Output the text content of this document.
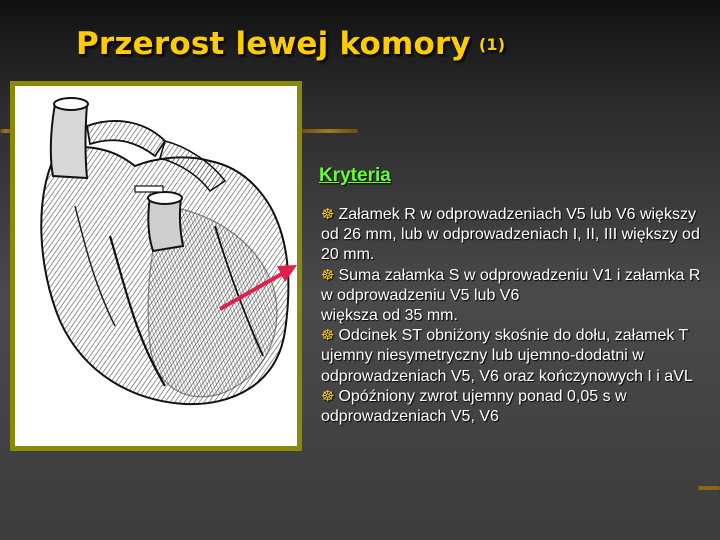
Przerost lewej komory $^{(1)}$
Kryteria
☸ Załamek R w odprowadzeniach V5 lub V6 większy od 26 mm, lub w odprowadzeniach I, II, III większy od 20 mm.
☸ Suma załamka S w odprowadzeniu V1 i załamka R w odprowadzeniu V5 lub V6
większa od 35 mm.
☸ Odcinek ST obniżony skośnie do dołu, załamek T ujemny niesymetryczny lub ujemno-dodatni w odprowadzeniach V5, V6 oraz kończynowych I i aVL
☸ Opóźniony zwrot ujemny ponad 0,05 s w odprowadzeniach V5, V6
